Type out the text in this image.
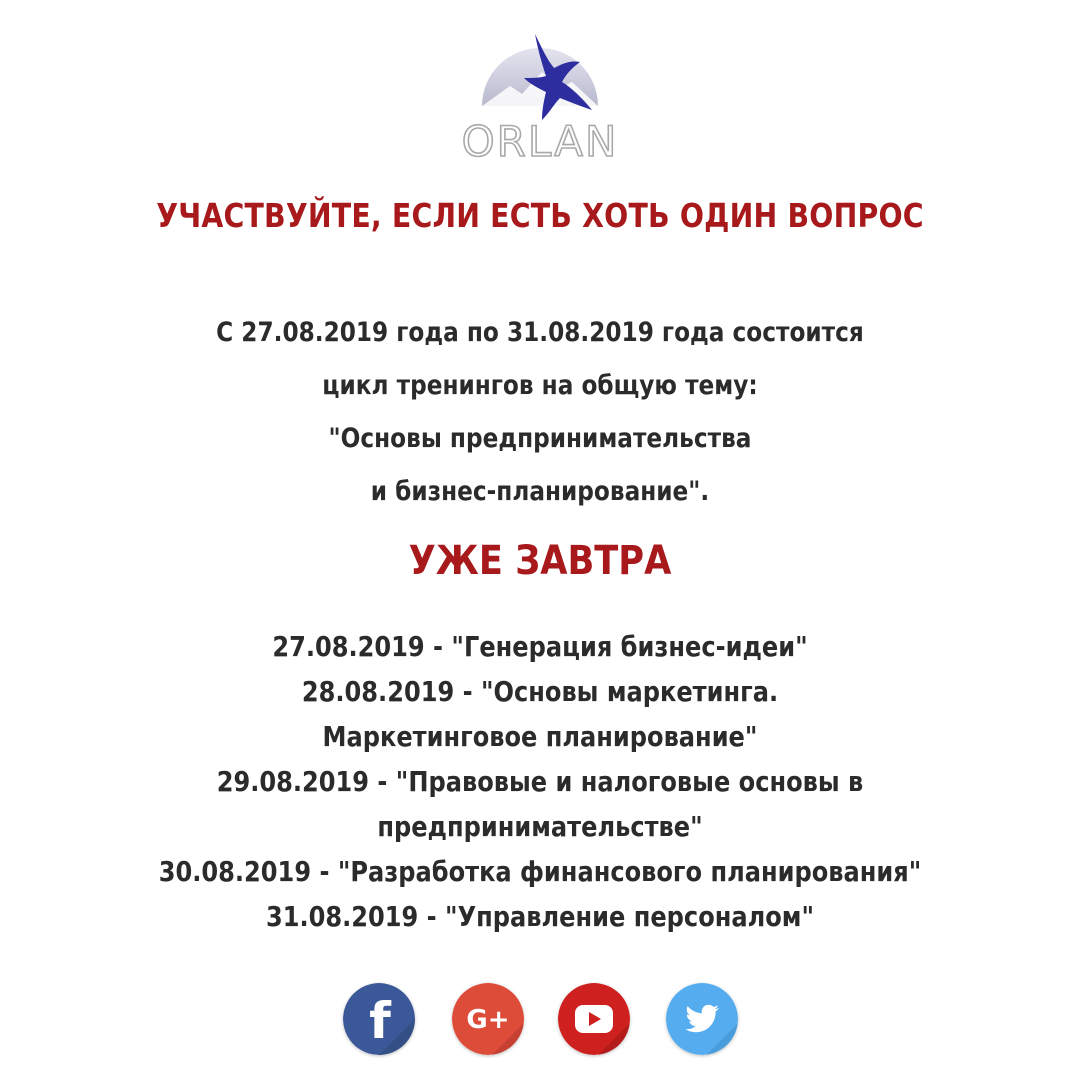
ORLAN
УЧАСТВУЙТЕ, ЕСЛИ ЕСТЬ ХОТЬ ОДИН ВОПРОС
С 27.08.2019 года по 31.08.2019 года состоится
цикл тренингов на общую тему:
"Основы предпринимательства
и бизнес-планирование".
УЖЕ ЗАВТРА
27.08.2019 - "Генерация бизнес-идеи"
28.08.2019 - "Основы маркетинга.
Маркетинговое планирование"
29.08.2019 - "Правовые и налоговые основы в
предпринимательстве"
30.08.2019 - "Разработка финансового планирования"
31.08.2019 - "Управление персоналом"
f	G+
